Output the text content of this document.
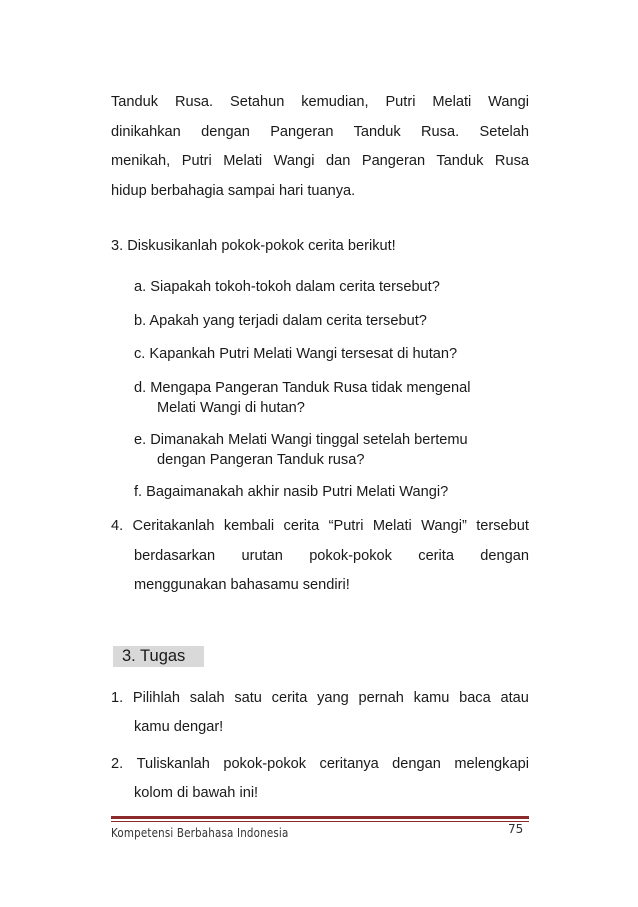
Tanduk Rusa. Setahun kemudian, Putri Melati Wangi
dinikahkan dengan Pangeran Tanduk Rusa. Setelah
menikah, Putri Melati Wangi dan Pangeran Tanduk Rusa
hidup berbahagia sampai hari tuanya.
3. Diskusikanlah pokok-pokok cerita berikut!
a. Siapakah tokoh-tokoh dalam cerita tersebut?
b. Apakah yang terjadi dalam cerita tersebut?
c. Kapankah Putri Melati Wangi tersesat di hutan?
d. Mengapa Pangeran Tanduk Rusa tidak mengenal
Melati Wangi di hutan?
e. Dimanakah Melati Wangi tinggal setelah bertemu
dengan Pangeran Tanduk rusa?
f. Bagaimanakah akhir nasib Putri Melati Wangi?
4. Ceritakanlah kembali cerita “Putri Melati Wangi” tersebut
berdasarkan urutan pokok-pokok cerita dengan
menggunakan bahasamu sendiri!
3. Tugas
1. Pilihlah salah satu cerita yang pernah kamu baca atau
kamu dengar!
2. Tuliskanlah pokok-pokok ceritanya dengan melengkapi
kolom di bawah ini!
Kompetensi Berbahasa Indonesia	75
